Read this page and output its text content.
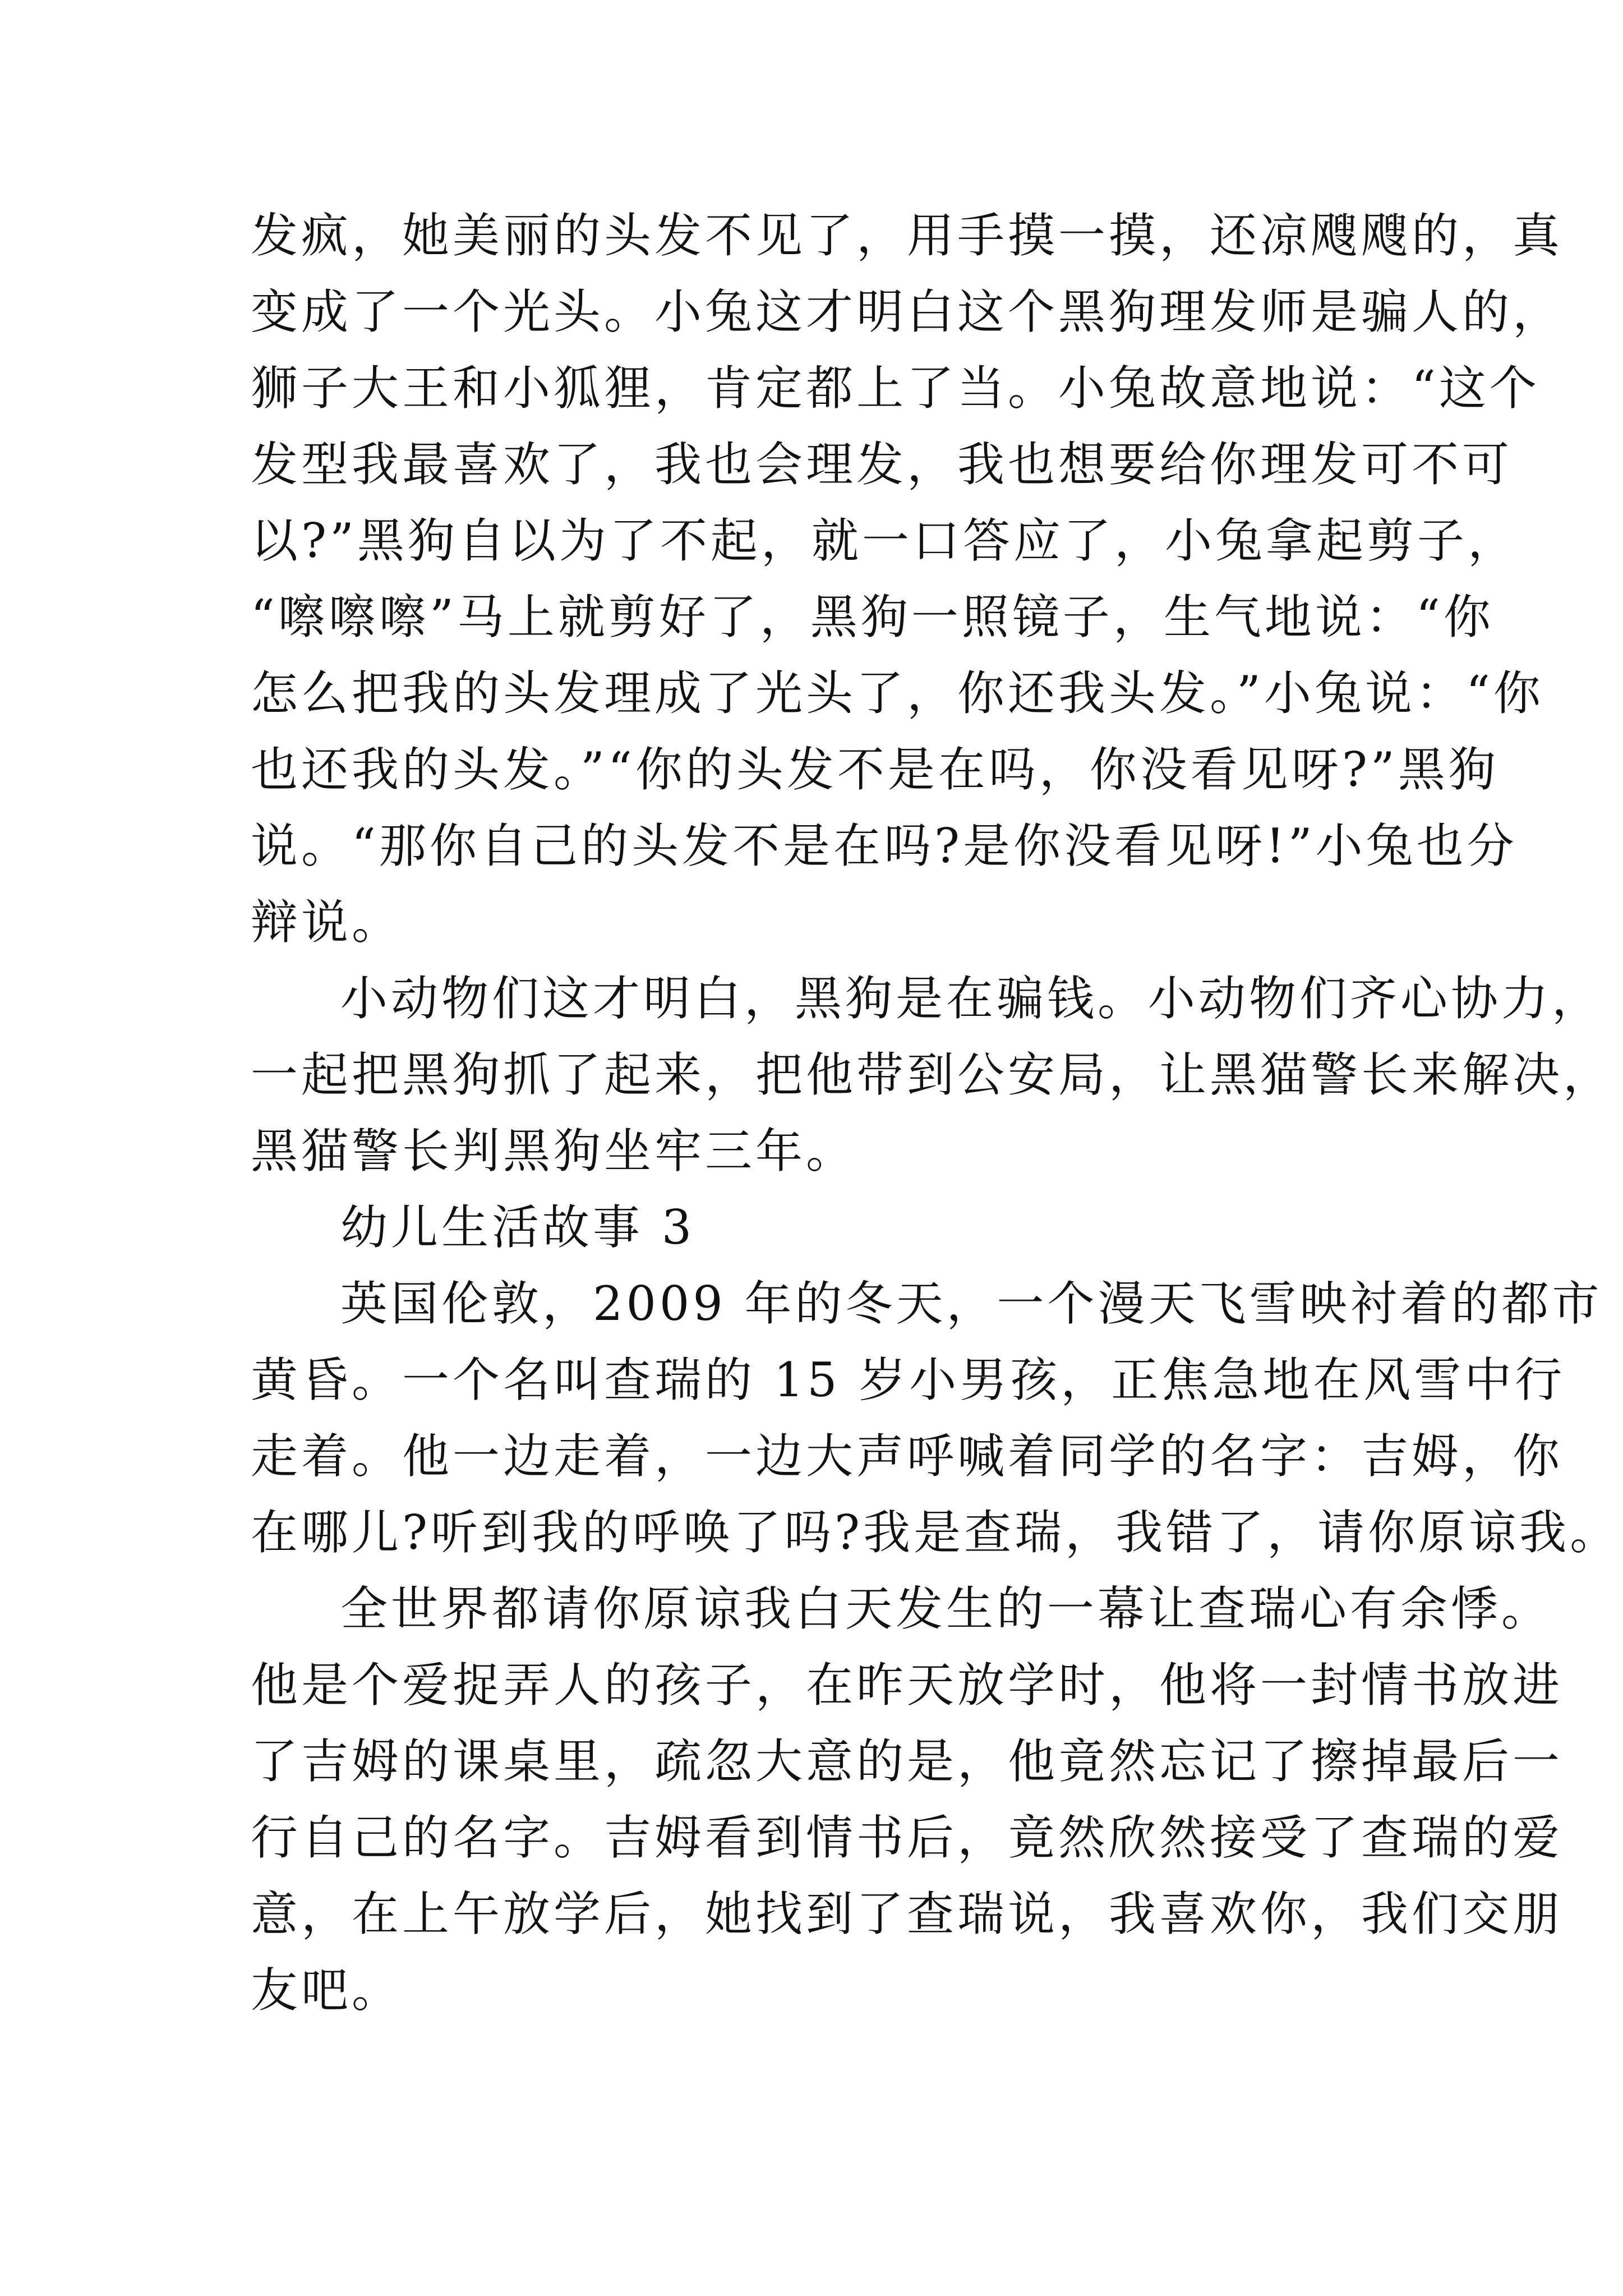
发疯，她美丽的头发不见了，用手摸一摸，还凉飕飕的，真
变成了一个光头。小兔这才明白这个黑狗理发师是骗人的，
狮子大王和小狐狸，肯定都上了当。小兔故意地说：“这个
发型我最喜欢了，我也会理发，我也想要给你理发可不可
以?”黑狗自以为了不起，就一口答应了，小兔拿起剪子，
“嚓嚓嚓”马上就剪好了，黑狗一照镜子，生气地说：“你
怎么把我的头发理成了光头了，你还我头发。”小兔说：“你
也还我的头发。”“你的头发不是在吗，你没看见呀?”黑狗
说。“那你自己的头发不是在吗?是你没看见呀!”小兔也分
辩说。
小动物们这才明白，黑狗是在骗钱。小动物们齐心协力，
一起把黑狗抓了起来，把他带到公安局，让黑猫警长来解决，
黑猫警长判黑狗坐牢三年。
幼儿生活故事 3
英国伦敦，2009 年的冬天，一个漫天飞雪映衬着的都市
黄昏。一个名叫查瑞的 15 岁小男孩，正焦急地在风雪中行
走着。他一边走着，一边大声呼喊着同学的名字：吉姆，你
在哪儿?听到我的呼唤了吗?我是查瑞，我错了，请你原谅我。
全世界都请你原谅我白天发生的一幕让查瑞心有余悸。
他是个爱捉弄人的孩子，在昨天放学时，他将一封情书放进
了吉姆的课桌里，疏忽大意的是，他竟然忘记了擦掉最后一
行自己的名字。吉姆看到情书后，竟然欣然接受了查瑞的爱
意，在上午放学后，她找到了查瑞说，我喜欢你，我们交朋
友吧。
